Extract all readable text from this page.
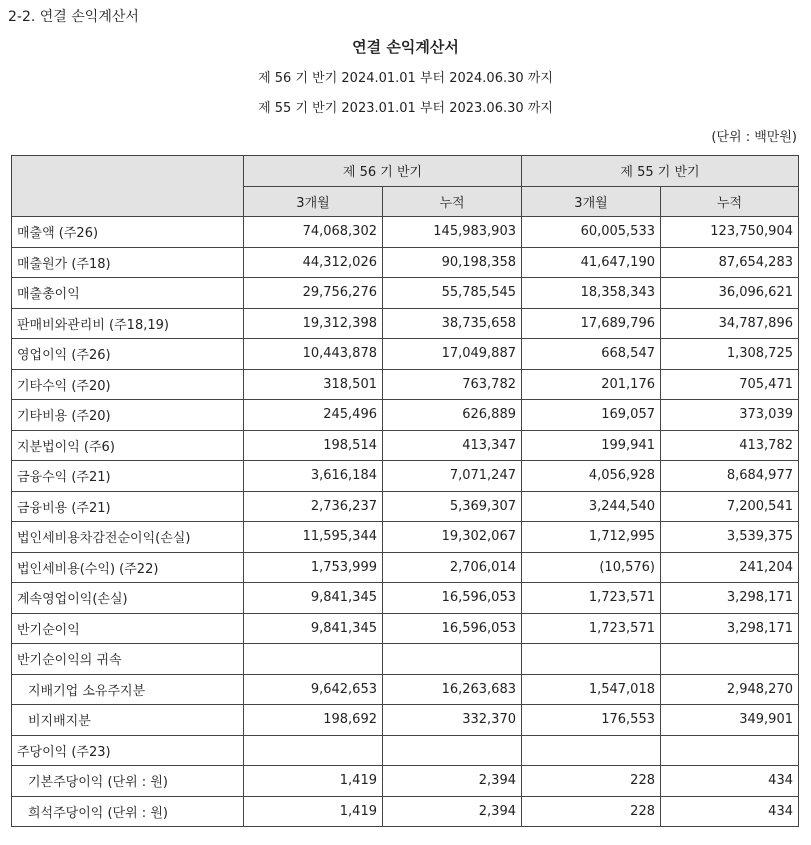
2-2. 연결 손익계산서
연결 손익계산서
제 56 기 반기 2024.01.01 부터 2024.06.30 까지
제 55 기 반기 2023.01.01 부터 2023.06.30 까지
(단위 : 백만원)
	제 56 기 반기		제 55 기 반기	
	3개월	누적	3개월	누적
매출액 (주26)	74,068,302	145,983,903	60,005,533	123,750,904
매출원가 (주18)	44,312,026	90,198,358	41,647,190	87,654,283
매출총이익	29,756,276	55,785,545	18,358,343	36,096,621
판매비와관리비 (주18,19)	19,312,398	38,735,658	17,689,796	34,787,896
영업이익 (주26)	10,443,878	17,049,887	668,547	1,308,725
기타수익 (주20)	318,501	763,782	201,176	705,471
기타비용 (주20)	245,496	626,889	169,057	373,039
지분법이익 (주6)	198,514	413,347	199,941	413,782
금융수익 (주21)	3,616,184	7,071,247	4,056,928	8,684,977
금융비용 (주21)	2,736,237	5,369,307	3,244,540	7,200,541
법인세비용차감전순이익(손실)	11,595,344	19,302,067	1,712,995	3,539,375
법인세비용(수익) (주22)	1,753,999	2,706,014	(10,576)	241,204
계속영업이익(손실)	9,841,345	16,596,053	1,723,571	3,298,171
반기순이익	9,841,345	16,596,053	1,723,571	3,298,171
반기순이익의 귀속				
지배기업 소유주지분	9,642,653	16,263,683	1,547,018	2,948,270
비지배지분	198,692	332,370	176,553	349,901
주당이익 (주23)				
기본주당이익 (단위 : 원)	1,419	2,394	228	434
희석주당이익 (단위 : 원)	1,419	2,394	228	434
